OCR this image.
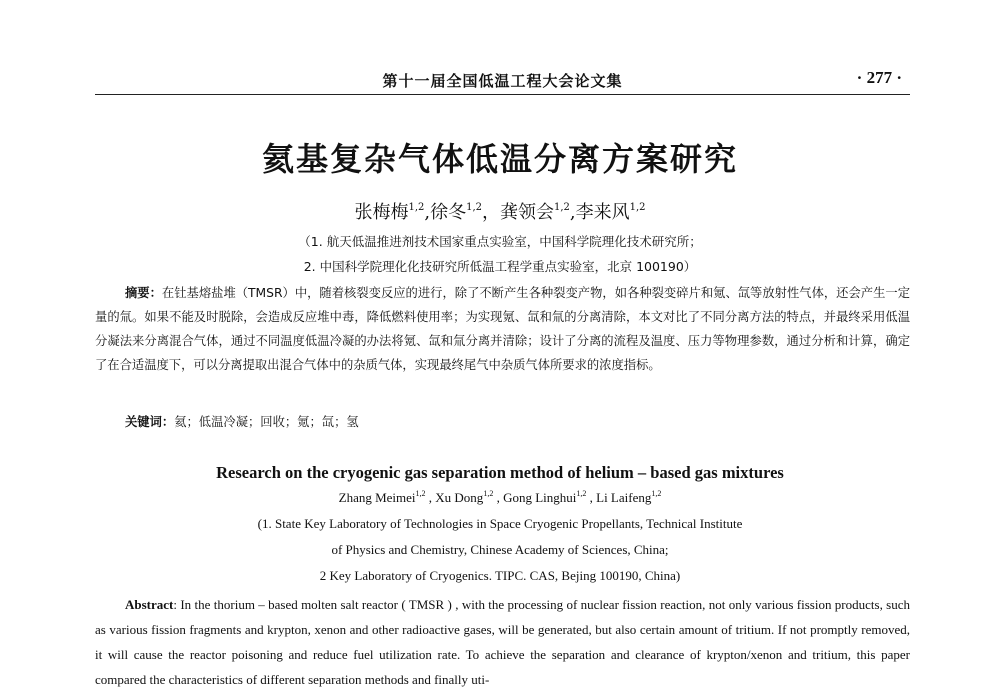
第十一届全国低温工程大会论文集	· 277 ·
氦基复杂气体低温分离方案研究
张梅梅$^{1,2}$,徐冬$^{1,2}$，龚领会$^{1,2}$,李来风$^{1,2}$
（1. 航天低温推进剂技术国家重点实验室，中国科学院理化技术研究所；
2. 中国科学院理化化技研究所低温工程学重点实验室，北京 100190）
摘要：在钍基熔盐堆（TMSR）中，随着核裂变反应的进行，除了不断产生各种裂变产物，如各种裂变碎片和氪、氙等放射性气体，还会产生一定量的氚。如果不能及时脱除，会造成反应堆中毒，降低燃料使用率；为实现氪、氙和氚的分离清除，本文对比了不同分离方法的特点，并最终采用低温分凝法来分离混合气体，通过不同温度低温冷凝的办法将氪、氙和氚分离并清除；设计了分离的流程及温度、压力等物理参数，通过分析和计算，确定了在合适温度下，可以分离提取出混合气体中的杂质气体，实现最终尾气中杂质气体所要求的浓度指标。
关键词：氦；低温冷凝；回收；氪；氙；氢
Research on the cryogenic gas separation method of helium – based gas mixtures
Zhang Meimei$^{1,2}$ , Xu Dong$^{1,2}$ , Gong Linghui$^{1,2}$ , Li Laifeng$^{1,2}$
(1. State Key Laboratory of Technologies in Space Cryogenic Propellants, Technical Institute
of Physics and Chemistry, Chinese Academy of Sciences, China;
2 Key Laboratory of Cryogenics. TIPC. CAS, Bejing 100190, China)
Abstract: In the thorium – based molten salt reactor ( TMSR ) , with the processing of nuclear fission reaction, not only various fission products, such as various fission fragments and krypton, xenon and other radioactive gases, will be generated, but also certain amount of tritium. If not promptly removed, it will cause the reactor poisoning and reduce fuel utilization rate. To achieve the separation and clearance of krypton/xenon and tritium, this paper compared the characteristics of different separation methods and finally uti-
